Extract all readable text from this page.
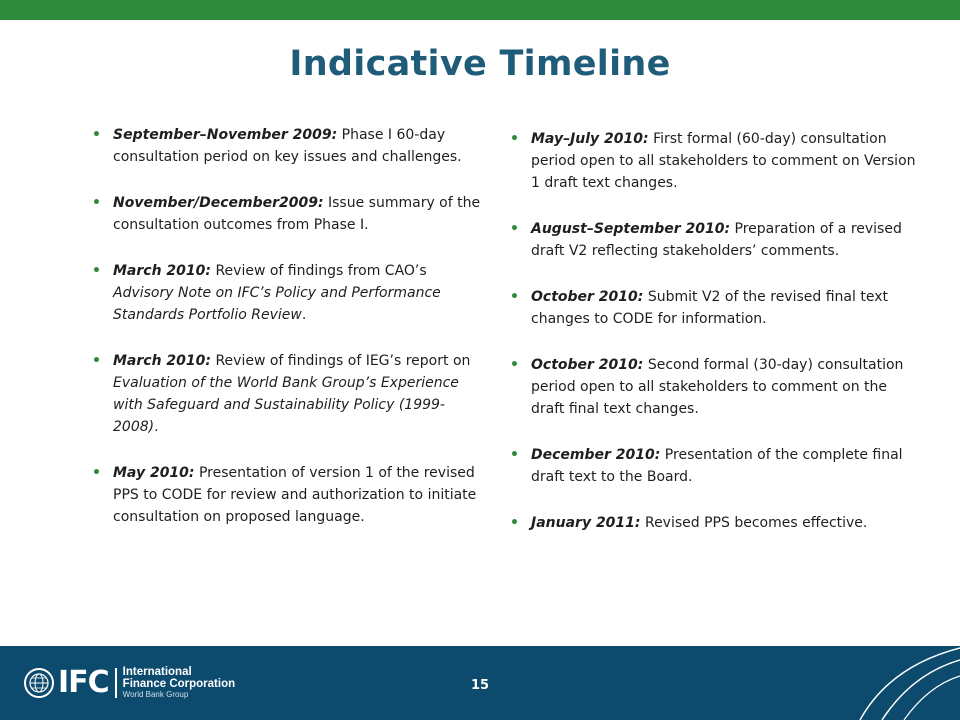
Indicative Timeline
• September–November 2009: Phase I 60-day consultation period on key issues and challenges.
• November/December2009: Issue summary of the consultation outcomes from Phase I.
• March 2010: Review of findings from CAO’s Advisory Note on IFC’s Policy and Performance Standards Portfolio Review.
• March 2010: Review of findings of IEG’s report on Evaluation of the World Bank Group’s Experience with Safeguard and Sustainability Policy (1999-2008).
• May 2010: Presentation of version 1 of the revised PPS to CODE for review and authorization to initiate consultation on proposed language.
• May–July 2010: First formal (60-day) consultation period open to all stakeholders to comment on Version 1 draft text changes.
• August–September 2010: Preparation of a revised draft V2 reflecting stakeholders’ comments.
• October 2010: Submit V2 of the revised final text changes to CODE for information.
• October 2010: Second formal (30-day) consultation period open to all stakeholders to comment on the draft final text changes.
• December 2010: Presentation of the complete final draft text to the Board.
• January 2011: Revised PPS becomes effective.
IFC International
Finance Corporation
World Bank Group
15
